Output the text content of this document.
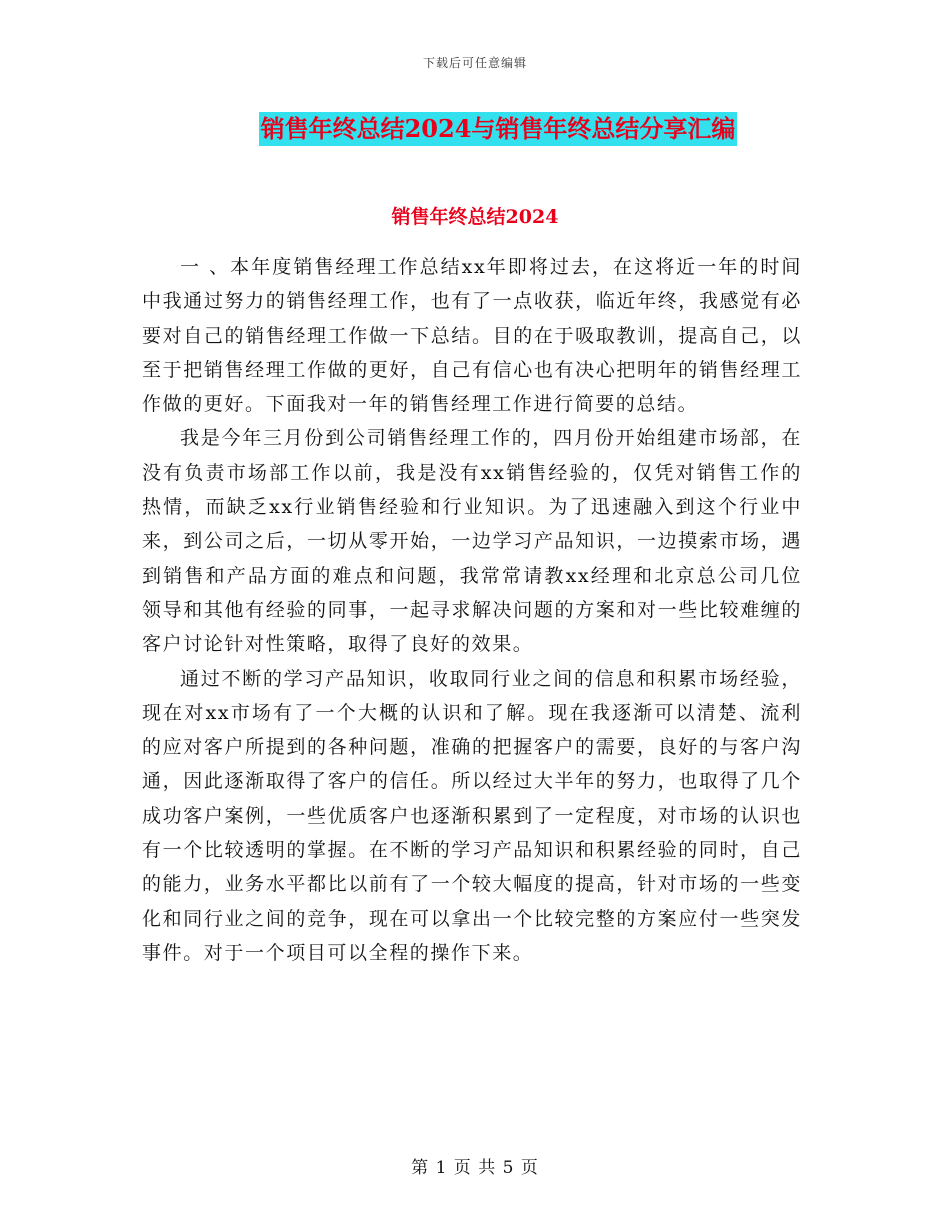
下载后可任意编辑
销售年终总结2024与销售年终总结分享汇编
销售年终总结2024

一 、本年度销售经理工作总结xx年即将过去，在这将近一年的时间中我通过努力的销售经理工作，也有了一点收获，临近年终，我感觉有必要对自己的销售经理工作做一下总结。目的在于吸取教训，提高自己，以至于把销售经理工作做的更好，自己有信心也有决心把明年的销售经理工作做的更好。下面我对一年的销售经理工作进行简要的总结。

我是今年三月份到公司销售经理工作的，四月份开始组建市场部，在没有负责市场部工作以前，我是没有xx销售经验的，仅凭对销售工作的热情，而缺乏xx行业销售经验和行业知识。为了迅速融入到这个行业中来，到公司之后，一切从零开始，一边学习产品知识，一边摸索市场，遇到销售和产品方面的难点和问题，我常常请教xx经理和北京总公司几位领导和其他有经验的同事，一起寻求解决问题的方案和对一些比较难缠的客户讨论针对性策略，取得了良好的效果。

通过不断的学习产品知识，收取同行业之间的信息和积累市场经验，现在对xx市场有了一个大概的认识和了解。现在我逐渐可以清楚、流利的应对客户所提到的各种问题，准确的把握客户的需要，良好的与客户沟通，因此逐渐取得了客户的信任。所以经过大半年的努力，也取得了几个成功客户案例，一些优质客户也逐渐积累到了一定程度，对市场的认识也有一个比较透明的掌握。在不断的学习产品知识和积累经验的同时，自己的能力，业务水平都比以前有了一个较大幅度的提高，针对市场的一些变化和同行业之间的竞争，现在可以拿出一个比较完整的方案应付一些突发事件。对于一个项目可以全程的操作下来。

第 1 页 共 5 页
